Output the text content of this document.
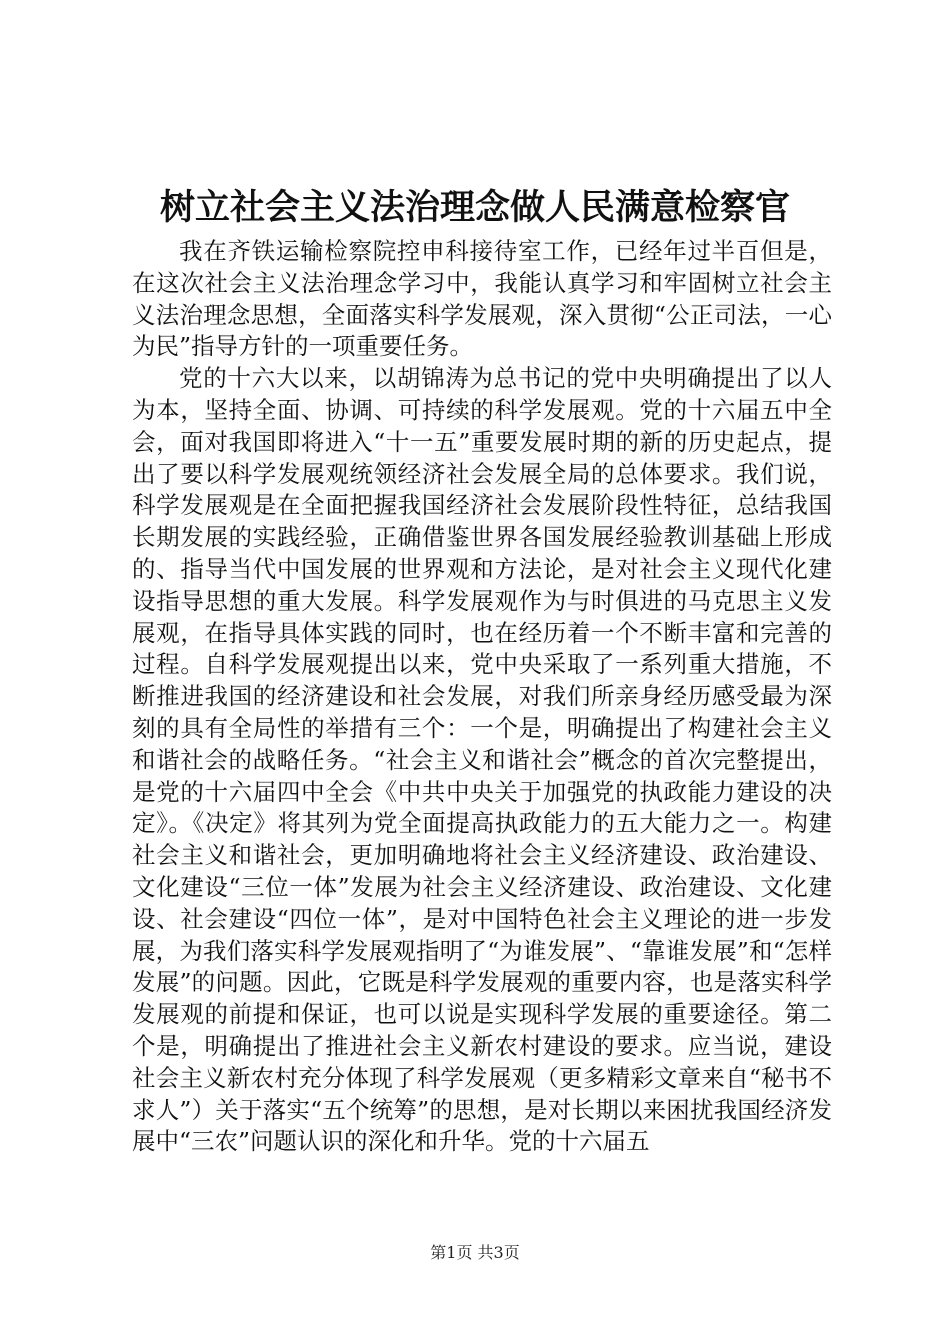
树立社会主义法治理念做人民满意检察官

我在齐铁运输检察院控申科接待室工作，已经年过半百但是，在这次社会主义法治理念学习中，我能认真学习和牢固树立社会主义法治理念思想，全面落实科学发展观，深入贯彻“公正司法，一心为民”指导方针的一项重要任务。

党的十六大以来，以胡锦涛为总书记的党中央明确提出了以人为本，坚持全面、协调、可持续的科学发展观。党的十六届五中全会，面对我国即将进入“十一五”重要发展时期的新的历史起点，提出了要以科学发展观统领经济社会发展全局的总体要求。我们说，科学发展观是在全面把握我国经济社会发展阶段性特征，总结我国长期发展的实践经验，正确借鉴世界各国发展经验教训基础上形成的、指导当代中国发展的世界观和方法论，是对社会主义现代化建设指导思想的重大发展。科学发展观作为与时俱进的马克思主义发展观，在指导具体实践的同时，也在经历着一个不断丰富和完善的过程。自科学发展观提出以来，党中央采取了一系列重大措施，不断推进我国的经济建设和社会发展，对我们所亲身经历感受最为深刻的具有全局性的举措有三个：一个是，明确提出了构建社会主义和谐社会的战略任务。“社会主义和谐社会”概念的首次完整提出，是党的十六届四中全会《中共中央关于加强党的执政能力建设的决定》。《决定》将其列为党全面提高执政能力的五大能力之一。构建社会主义和谐社会，更加明确地将社会主义经济建设、政治建设、文化建设“三位一体”发展为社会主义经济建设、政治建设、文化建设、社会建设“四位一体”，是对中国特色社会主义理论的进一步发展，为我们落实科学发展观指明了“为谁发展”、“靠谁发展”和“怎样发展”的问题。因此，它既是科学发展观的重要内容，也是落实科学发展观的前提和保证，也可以说是实现科学发展的重要途径。第二个是，明确提出了推进社会主义新农村建设的要求。应当说，建设社会主义新农村充分体现了科学发展观（更多精彩文章来自“秘书不求人”）关于落实“五个统筹”的思想，是对长期以来困扰我国经济发展中“三农”问题认识的深化和升华。党的十六届五

第1页 共3页
